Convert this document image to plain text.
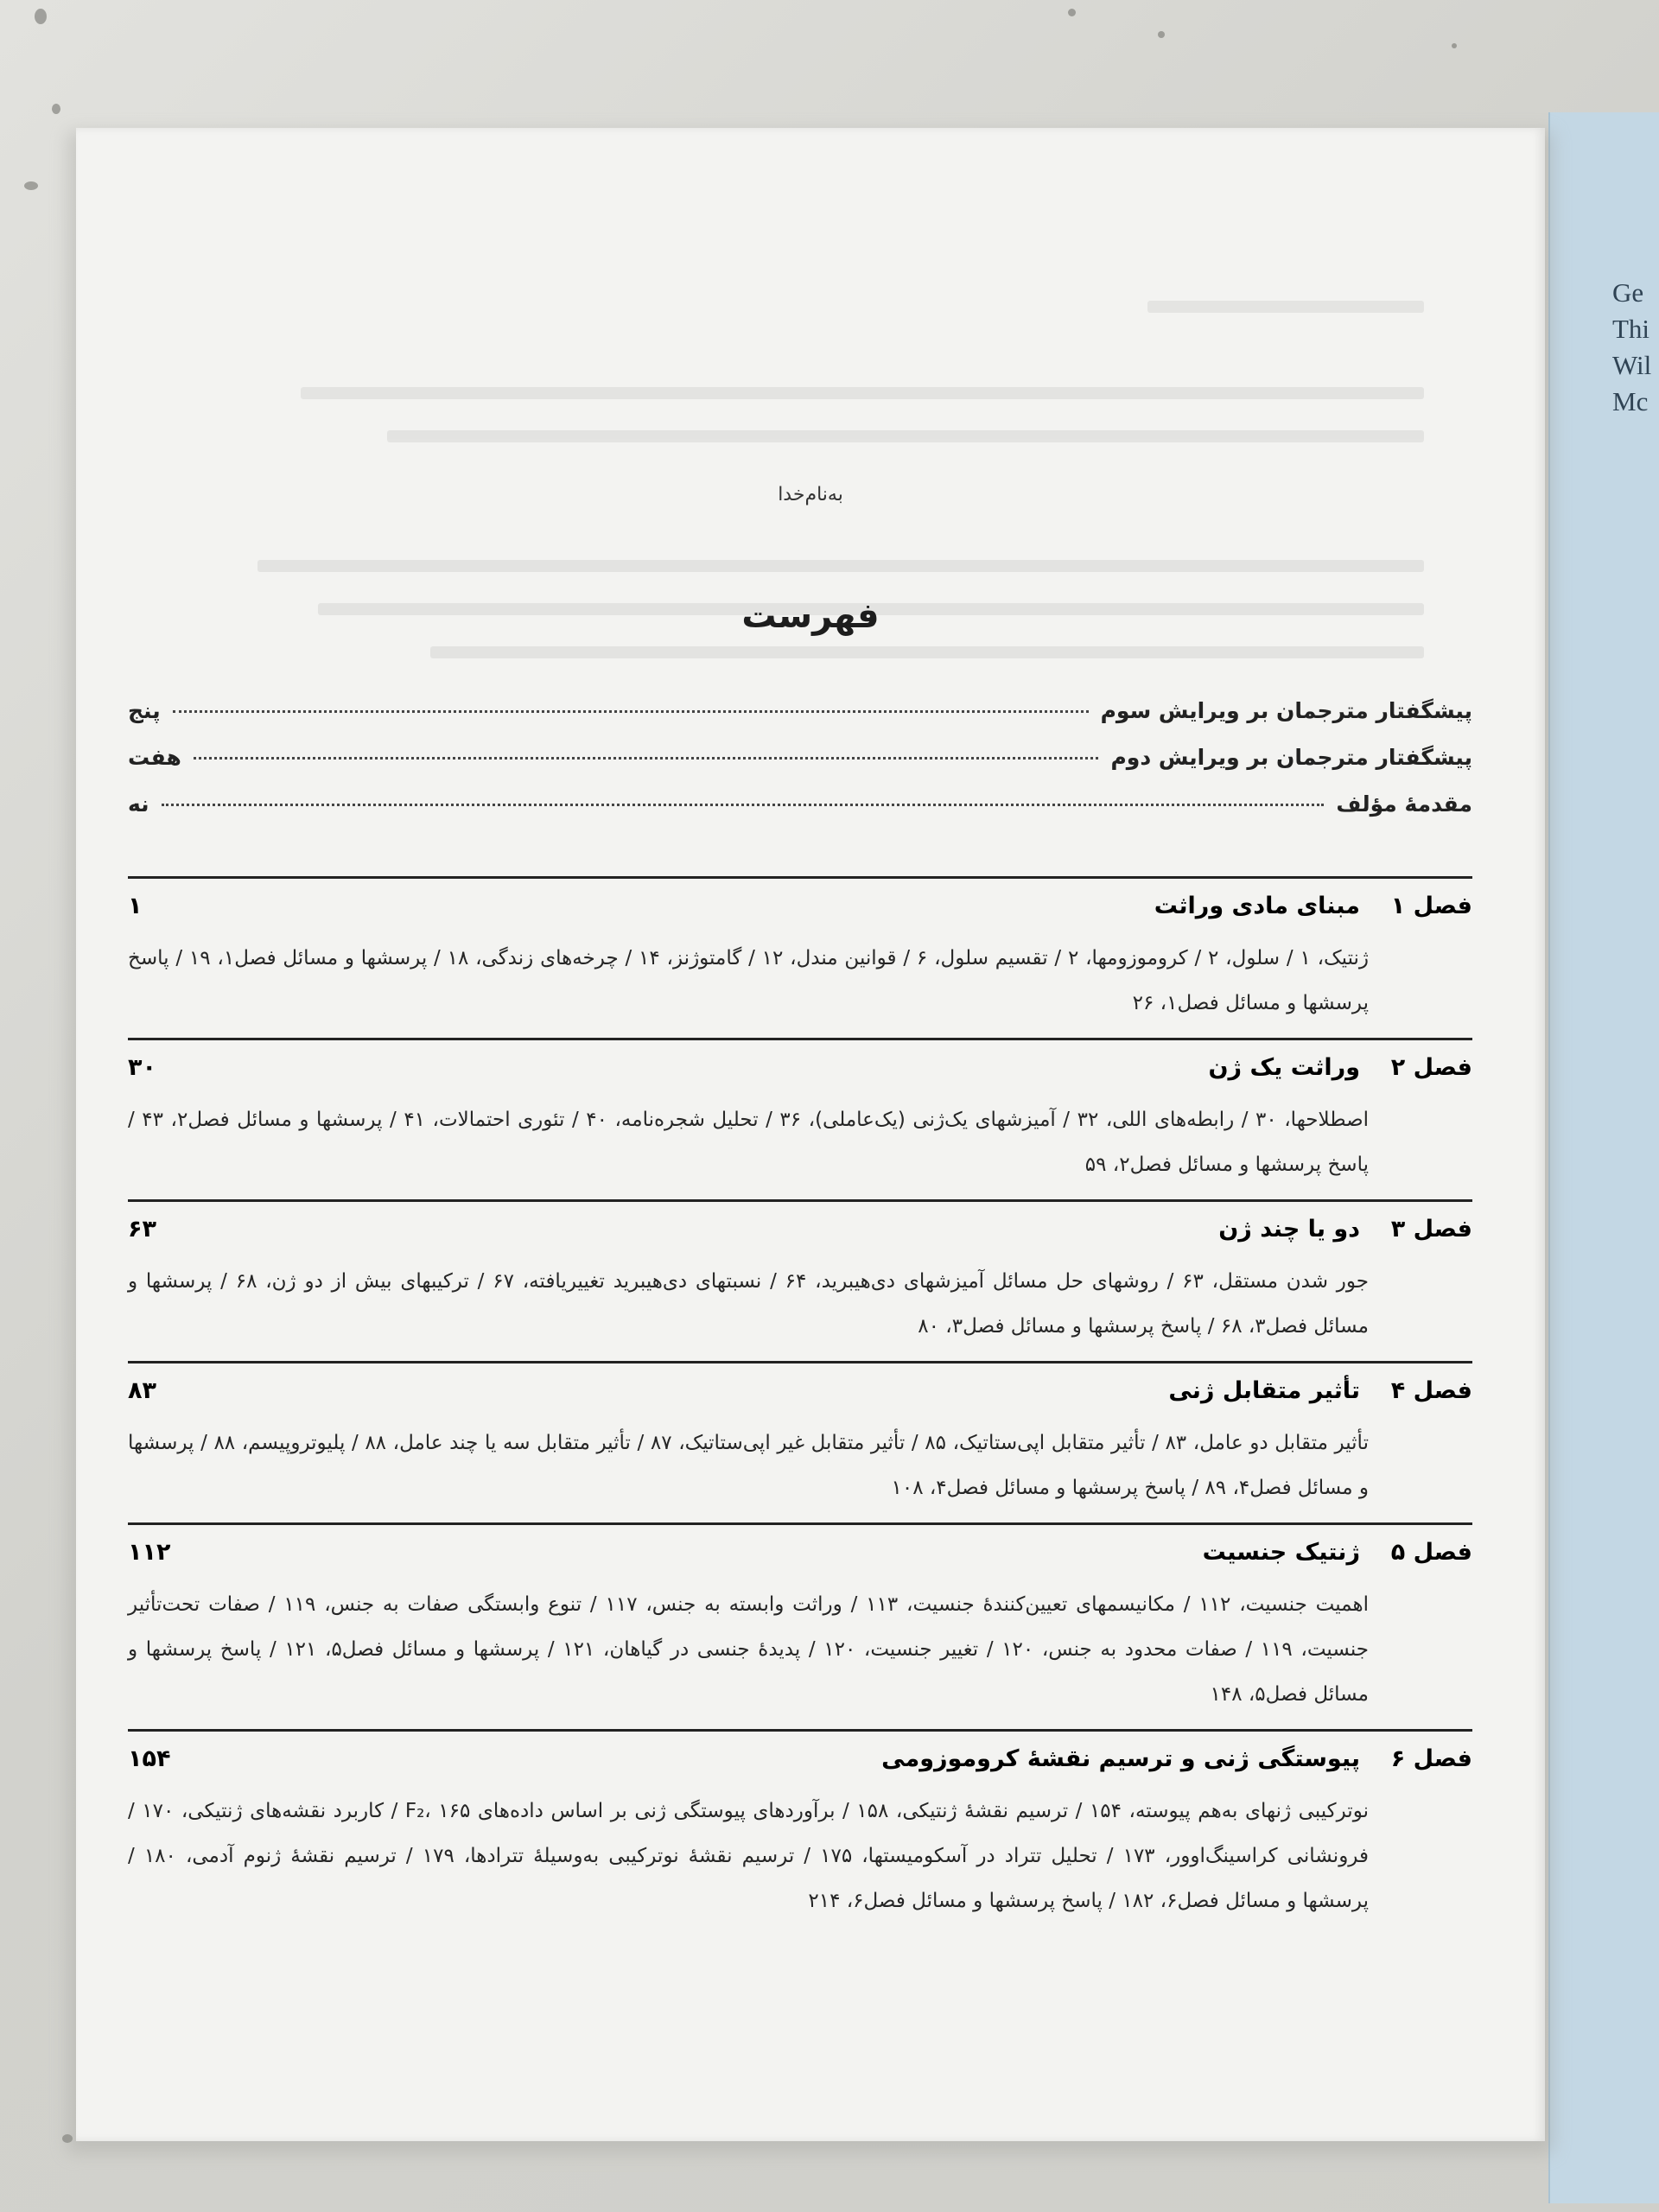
Ge
Thi
Wil
Mc
به‌نام‌خدا
فهرست
پیشگفتار مترجمان بر ویرایش سوم
پنج
پیشگفتار مترجمان بر ویرایش دوم
هفت
مقدمهٔ مؤلف
نه
فصل ۱
مبنای مادی وراثت
۱
ژنتیک، ۱ / سلول، ۲ / کروموزومها، ۲ / تقسیم سلول، ۶ / قوانین مندل، ۱۲ / گامتوژنز، ۱۴ / چرخه‌های زندگی، ۱۸ / پرسشها و مسائل فصل۱، ۱۹ / پاسخ پرسشها و مسائل فصل۱، ۲۶
فصل ۲
وراثت یک ژن
۳۰
اصطلاحها، ۳۰ / رابطه‌های اللی، ۳۲ / آمیزشهای یک‌ژنی (یک‌عاملی)، ۳۶ / تحلیل شجره‌نامه، ۴۰ / تئوری احتمالات، ۴۱ / پرسشها و مسائل فصل۲، ۴۳ / پاسخ پرسشها و مسائل فصل۲، ۵۹
فصل ۳
دو یا چند ژن
۶۳
جور شدن مستقل، ۶۳ / روشهای حل مسائل آمیزشهای دی‌هیبرید، ۶۴ / نسبتهای دی‌هیبرید تغییریافته، ۶۷ / ترکیبهای بیش از دو ژن، ۶۸ / پرسشها و مسائل فصل۳، ۶۸ / پاسخ پرسشها و مسائل فصل۳، ۸۰
فصل ۴
تأثیر متقابل ژنی
۸۳
تأثیر متقابل دو عامل، ۸۳ / تأثیر متقابل اپی‌ستاتیک، ۸۵ / تأثیر متقابل غیر اپی‌ستاتیک، ۸۷ / تأثیر متقابل سه یا چند عامل، ۸۸ / پلیوتروپیسم، ۸۸ / پرسشها و مسائل فصل۴، ۸۹ / پاسخ پرسشها و مسائل فصل۴، ۱۰۸
فصل ۵
ژنتیک جنسیت
۱۱۲
اهمیت جنسیت، ۱۱۲ / مکانیسمهای تعیین‌کنندهٔ جنسیت، ۱۱۳ / وراثت وابسته به جنس، ۱۱۷ / تنوع وابستگی صفات به جنس، ۱۱۹ / صفات تحت‌تأثیر جنسیت، ۱۱۹ / صفات محدود به جنس، ۱۲۰ / تغییر جنسیت، ۱۲۰ / پدیدهٔ جنسی در گیاهان، ۱۲۱ / پرسشها و مسائل فصل۵، ۱۲۱ / پاسخ پرسشها و مسائل فصل۵، ۱۴۸
فصل ۶
پیوستگی ژنی و ترسیم نقشهٔ کروموزومی
۱۵۴
نوترکیبی ژنهای به‌هم پیوسته، ۱۵۴ / ترسیم نقشهٔ ژنتیکی، ۱۵۸ / برآوردهای پیوستگی ژنی بر اساس داده‌های F₂، ۱۶۵ / کاربرد نقشه‌های ژنتیکی، ۱۷۰ / فرونشانی کراسینگ‌اوور، ۱۷۳ / تحلیل تتراد در آسکومیستها، ۱۷۵ / ترسیم نقشهٔ نوترکیبی به‌وسیلهٔ تترادها، ۱۷۹ / ترسیم نقشهٔ ژنوم آدمی، ۱۸۰ / پرسشها و مسائل فصل۶، ۱۸۲ / پاسخ پرسشها و مسائل فصل۶، ۲۱۴
